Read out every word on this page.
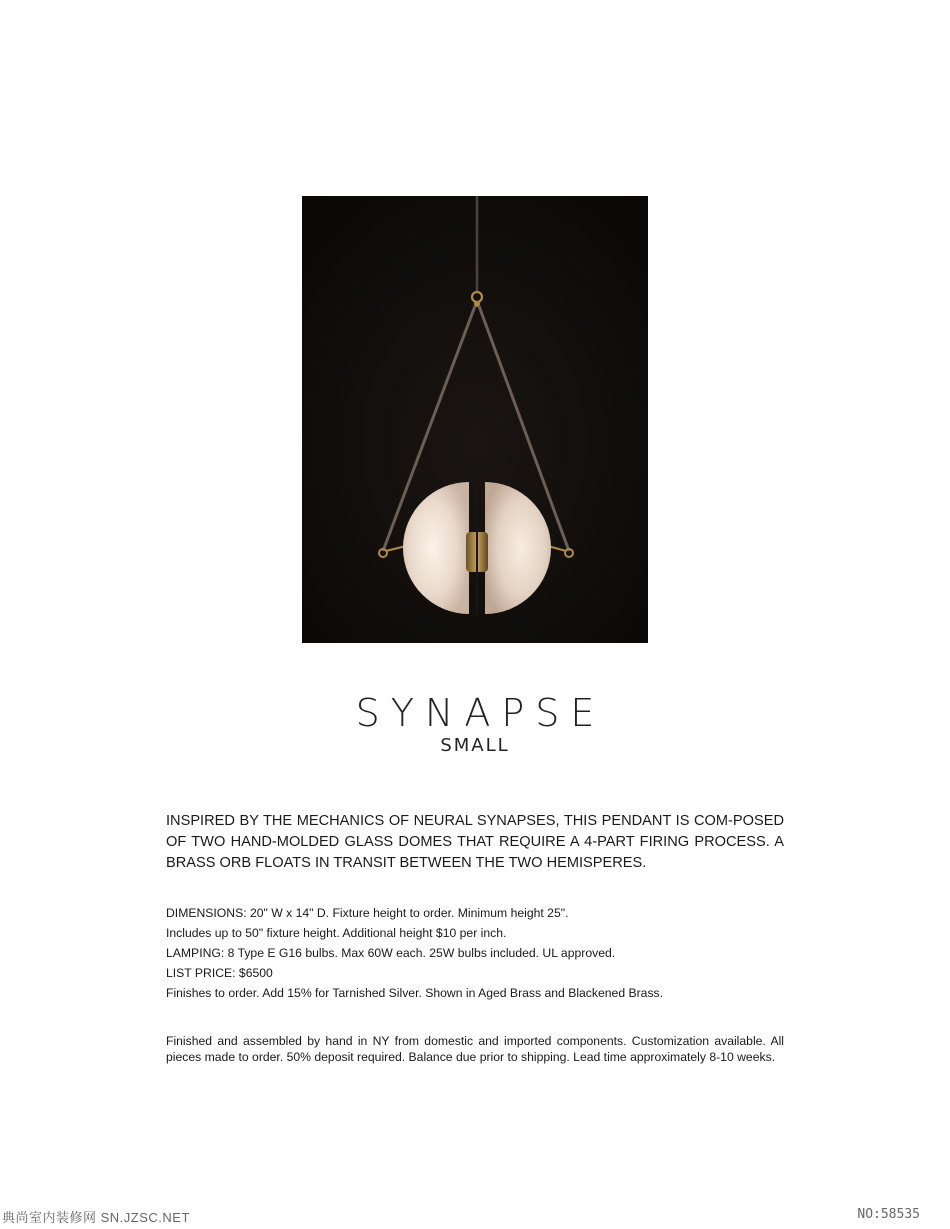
SYNAPSE
SMALL

INSPIRED BY THE MECHANICS OF NEURAL SYNAPSES, THIS PENDANT IS COM-POSED OF TWO HAND-MOLDED GLASS DOMES THAT REQUIRE A 4-PART FIRING PROCESS. A BRASS ORB FLOATS IN TRANSIT BETWEEN THE TWO HEMISPERES.

DIMENSIONS: 20" W x 14" D. Fixture height to order. Minimum height 25".
Includes up to 50" fixture height. Additional height $10 per inch.
LAMPING: 8 Type E G16 bulbs. Max 60W each. 25W bulbs included. UL approved.
LIST PRICE: $6500
Finishes to order. Add 15% for Tarnished Silver. Shown in Aged Brass and Blackened Brass.

Finished and assembled by hand in NY from domestic and imported components. Customization available. All pieces made to order. 50% deposit required. Balance due prior to shipping. Lead time approximately 8-10 weeks.

典尚室内装修网 SN.JZSC.NET	NO:58535
